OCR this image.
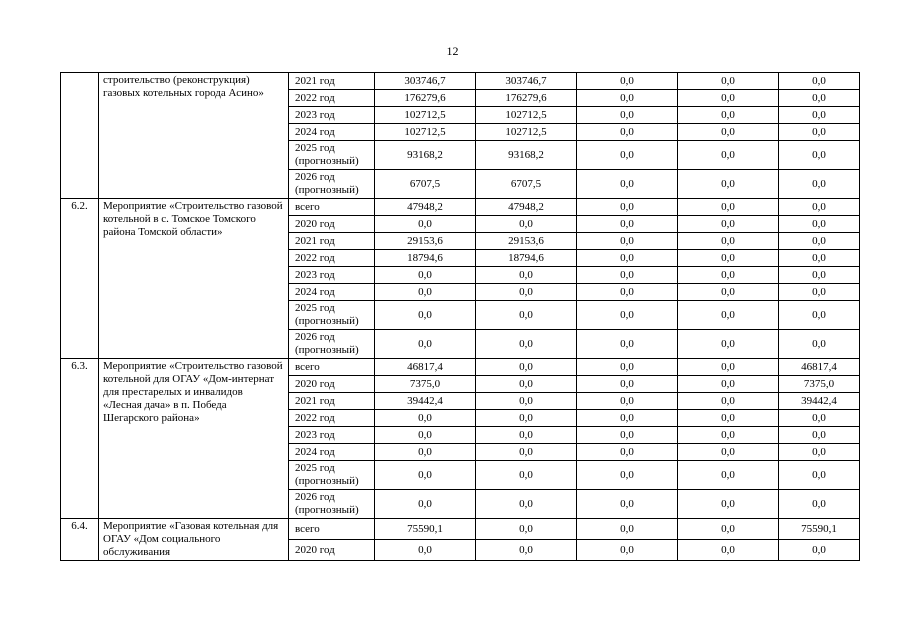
12
	строительство (реконструкция) газовых котельных города Асино»	2021 год	303746,7	303746,7	0,0	0,0	0,0
		2022 год	176279,6	176279,6	0,0	0,0	0,0
		2023 год	102712,5	102712,5	0,0	0,0	0,0
		2024 год	102712,5	102712,5	0,0	0,0	0,0
		2025 год (прогнозный)	93168,2	93168,2	0,0	0,0	0,0
		2026 год (прогнозный)	6707,5	6707,5	0,0	0,0	0,0
6.2.	Мероприятие «Строительство газовой котельной в с. Томское Томского района Томской области»	всего	47948,2	47948,2	0,0	0,0	0,0
		2020 год	0,0	0,0	0,0	0,0	0,0
		2021 год	29153,6	29153,6	0,0	0,0	0,0
		2022 год	18794,6	18794,6	0,0	0,0	0,0
		2023 год	0,0	0,0	0,0	0,0	0,0
		2024 год	0,0	0,0	0,0	0,0	0,0
		2025 год (прогнозный)	0,0	0,0	0,0	0,0	0,0
		2026 год (прогнозный)	0,0	0,0	0,0	0,0	0,0
6.3.	Мероприятие «Строительство газовой котельной для ОГАУ «Дом-интернат для престарелых и инвалидов «Лесная дача» в п. Победа Шегарского района»	всего	46817,4	0,0	0,0	0,0	46817,4
		2020 год	7375,0	0,0	0,0	0,0	7375,0
		2021 год	39442,4	0,0	0,0	0,0	39442,4
		2022 год	0,0	0,0	0,0	0,0	0,0
		2023 год	0,0	0,0	0,0	0,0	0,0
		2024 год	0,0	0,0	0,0	0,0	0,0
		2025 год (прогнозный)	0,0	0,0	0,0	0,0	0,0
		2026 год (прогнозный)	0,0	0,0	0,0	0,0	0,0
6.4.	Мероприятие «Газовая котельная для ОГАУ «Дом социального обслуживания	всего	75590,1	0,0	0,0	0,0	75590,1
		2020 год	0,0	0,0	0,0	0,0	0,0
